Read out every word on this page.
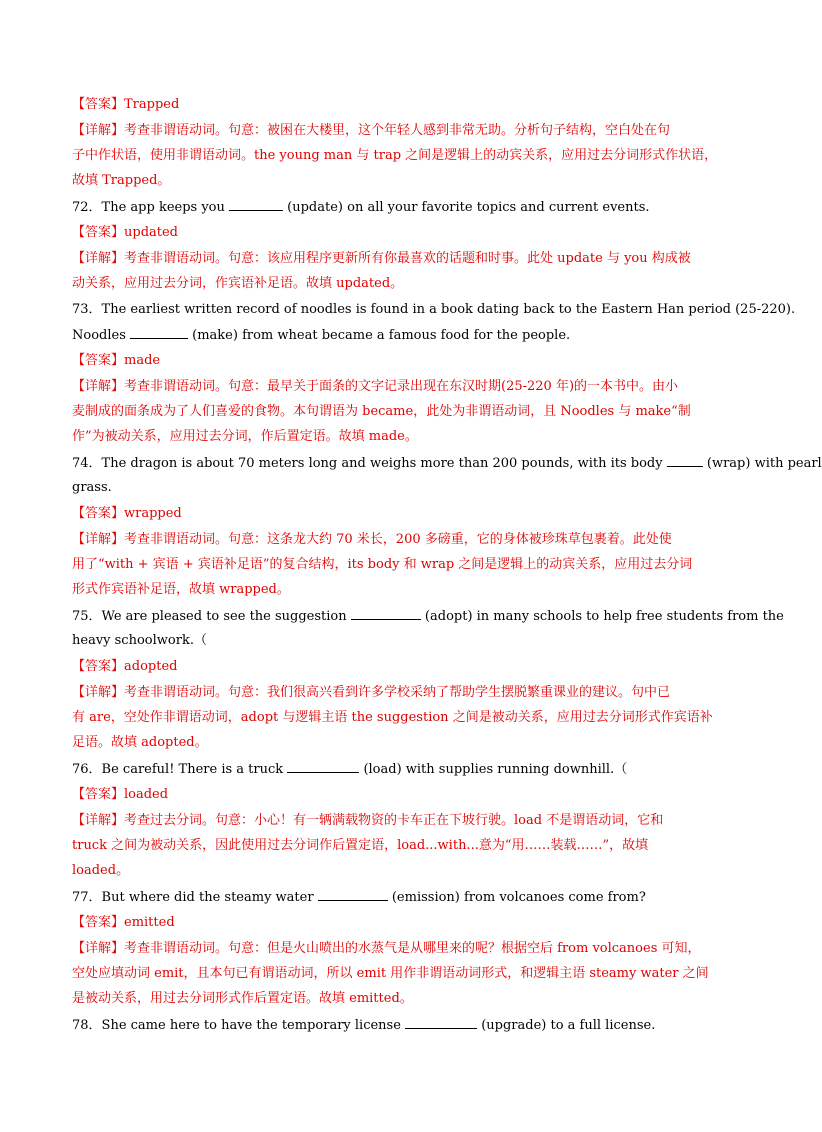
【答案】Trapped
【详解】考查非谓语动词。句意：被困在大楼里，这个年轻人感到非常无助。分析句子结构，空白处在句
子中作状语，使用非谓语动词。the young man 与 trap 之间是逻辑上的动宾关系，应用过去分词形式作状语，
故填 Trapped。
72．The app keeps you	(update) on all your favorite topics and current events.
【答案】updated
【详解】考查非谓语动词。句意：该应用程序更新所有你最喜欢的话题和时事。此处 update 与 you 构成被
动关系，应用过去分词，作宾语补足语。故填 updated。
73．The earliest written record of noodles is found in a book dating back to the Eastern Han period (25-220).
Noodles	(make) from wheat became a famous food for the people.
【答案】made
【详解】考查非谓语动词。句意：最早关于面条的文字记录出现在东汉时期(25-220 年)的一本书中。由小
麦制成的面条成为了人们喜爱的食物。本句谓语为 became，此处为非谓语动词，且 Noodles 与 make“制
作”为被动关系，应用过去分词，作后置定语。故填 made。
74．The dragon is about 70 meters long and weighs more than 200 pounds, with its body	(wrap) with pearl
grass.
【答案】wrapped
【详解】考查非谓语动词。句意：这条龙大约 70 米长，200 多磅重，它的身体被珍珠草包裹着。此处使
用了“with + 宾语 + 宾语补足语”的复合结构，its body 和 wrap 之间是逻辑上的动宾关系，应用过去分词
形式作宾语补足语，故填 wrapped。
75．We are pleased to see the suggestion	(adopt) in many schools to help free students from the
heavy schoolwork.（
【答案】adopted
【详解】考查非谓语动词。句意：我们很高兴看到许多学校采纳了帮助学生摆脱繁重课业的建议。句中已
有 are，空处作非谓语动词，adopt 与逻辑主语 the suggestion 之间是被动关系，应用过去分词形式作宾语补
足语。故填 adopted。
76．Be careful! There is a truck	(load) with supplies running downhill.（
【答案】loaded
【详解】考查过去分词。句意：小心！有一辆满载物资的卡车正在下坡行驶。load 不是谓语动词，它和
truck 之间为被动关系，因此使用过去分词作后置定语，load...with...意为“用……装载……”，故填
loaded。
77．But where did the steamy water	(emission) from volcanoes come from?
【答案】emitted
【详解】考查非谓语动词。句意：但是火山喷出的水蒸气是从哪里来的呢？根据空后 from volcanoes 可知，
空处应填动词 emit，且本句已有谓语动词，所以 emit 用作非谓语动词形式，和逻辑主语 steamy water 之间
是被动关系，用过去分词形式作后置定语。故填 emitted。
78．She came here to have the temporary license	(upgrade) to a full license.
